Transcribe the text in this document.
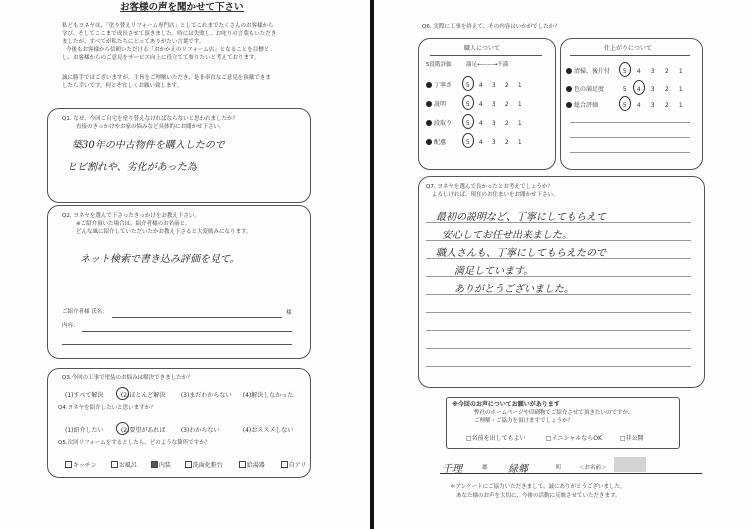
お客様の声を聞かせて下さい
私どもヨネヤは、「塗り替えリフォーム専門店」としてこれまでたくさんのお客様から
学び、そしてここまで成長させて頂きました。時には失敗し、お叱りの言葉もいただき
ましたが、すべてが私たちにとってありがたい言葉です。
今後もお客様から信頼いただける「おかかえのリフォーム店」となることを目標と
し、お客様からのご意見をサービス向上に役立てて参りたいと考えております。
誠に勝手ではございますが、主旨をご理解いただき、是非率直なご意見を頂戴できま
したら幸いです。何とぞ宜しくお願い致します。
Q1. なぜ、今回ご自宅を塗り替えなければならないと思われましたか？
直接のきっかけやお家の悩みなど具体的にお聞かせ下さい。
築30年の中古物件を購入したので
ヒビ割れや、劣化があった為
Q2. ヨネヤを選んで下さったきっかけをお教え下さい。
※ご紹介頂いた場合は、紹介者様のお名前と、
どんな風に紹介していただいたかお教え下さると大変励みになります。
ネット検索で書き込み評価を見て。
ご紹介者様 氏名：	様
内容：
Q3.今回の工事で塗装のお悩みは解決できましたか？
(1)すべて解決	(2)ほとんど解決	(3)まだわからない (4)解決しなかった
Q4.ヨネヤを紹介したいと思いますか？
(1)紹介したい	(2)要望があれば	(3)わからない	(4)おススメしない
Q5.次回リフォームをするとしたら、どのような箇所ですか？
キッチン	お風呂	内装	洗面化粧台	給湯器	自アリ
Q6. 実際に工事を終えて、その内容はいかがでしたか？
職人について
5段階評価	満足←——→不満
丁寧さ 5 4 3 2 1
説明	5 4 3 2 1
段取り 5 4 3 2 1
配慮	5 4 3 2 1
仕上がりについて
清掃、後片付 5 4 3 2 1
色の満足度	5 4 3 2 1
総合評価	5 4 3 2 1
Q7. ヨネヤを選んで良かったとお考えでしょうか？
よろしければ、現在のお住まいをお聞かせ下さい。
最初の説明など、丁寧にしてもらえて
安心してお任せ出来ました。
職人さんも、丁寧にしてもらえたので
満足しています。
ありがとうございました。
※今回のお声についてお願いがあります
弊社のホームページや印刷物でご紹介させて頂きたいのですが、
ご理解・ご協力を頂けますでしょうか？
□名前を出してもよい	□イニシャルならOK	□非公開
千理	郡 緑郷	町	＜お名前＞
＊アンケートにご協力いただきまして、誠にありがとうございました。
あなた様のお声を大切に、今後の活動に反映させていただきます。
